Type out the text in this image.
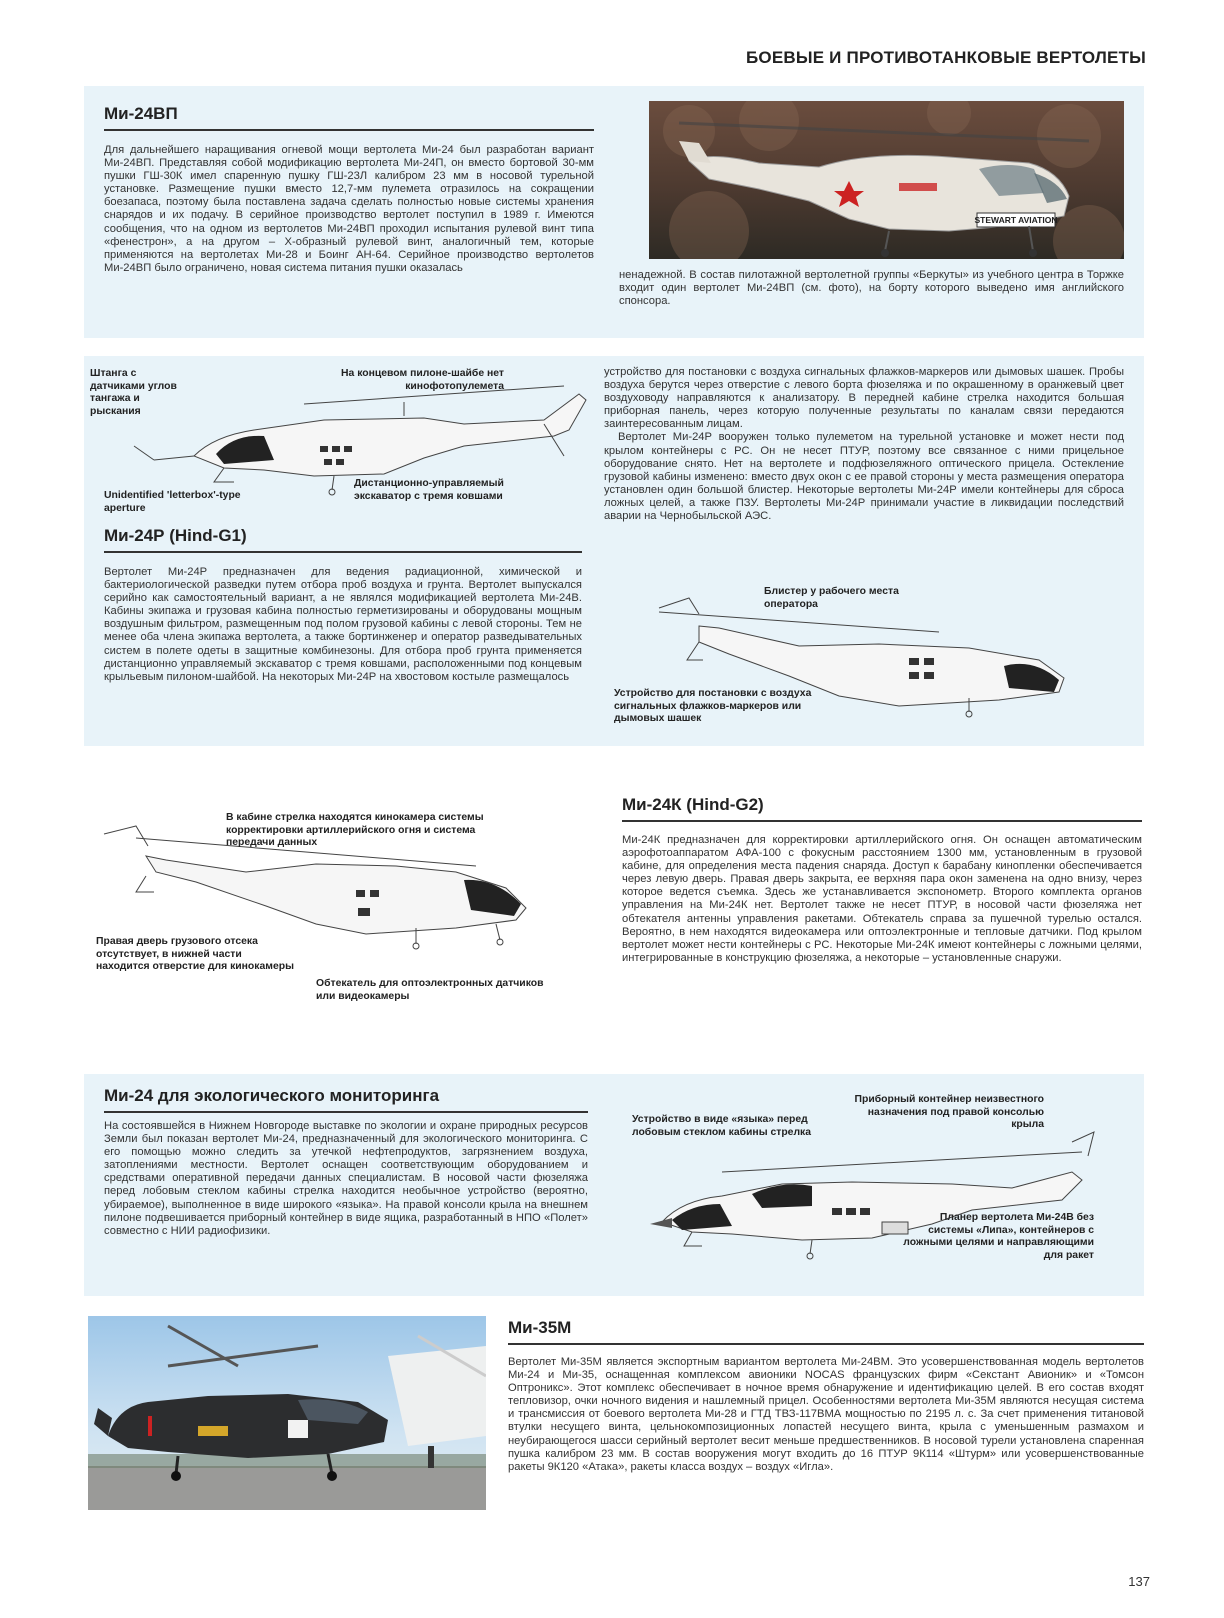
БОЕВЫЕ И ПРОТИВОТАНКОВЫЕ ВЕРТОЛЕТЫ
Ми-24ВП
Для дальнейшего наращивания огневой мощи вертолета Ми-24 был разработан вариант Ми-24ВП. Представляя собой модификацию вертолета Ми-24П, он вместо бортовой 30-мм пушки ГШ-30К имел спаренную пушку ГШ-23Л калибром 23 мм в носовой турельной установке. Размещение пушки вместо 12,7-мм пулемета отразилось на сокращении боезапаса, поэтому была поставлена задача сделать полностью новые системы хранения снарядов и их подачу. В серийное производство вертолет поступил в 1989 г. Имеются сообщения, что на одном из вертолетов Ми-24ВП проходил испытания рулевой винт типа «фенестрон», а на другом – Х-образный рулевой винт, аналогичный тем, которые применяются на вертолетах Ми-28 и Боинг АН-64. Серийное производство вертолетов Ми-24ВП было ограничено, новая система питания пушки оказалась
STEWART AVIATION
ненадежной. В состав пилотажной вертолетной группы «Беркуты» из учебного центра в Торжке входит один вертолет Ми-24ВП (см. фото), на борту которого выведено имя английского спонсора.
Штанга с датчиками углов тангажа и рыскания
На концевом пилоне-шайбе нет кинофотопулемета
Unidentified 'letterbox'-type aperture
Дистанционно-управляемый экскаватор с тремя ковшами
Ми-24Р (Hind-G1)
Вертолет Ми-24Р предназначен для ведения радиационной, химической и бактериологической разведки путем отбора проб воздуха и грунта. Вертолет выпускался серийно как самостоятельный вариант, а не являлся модификацией вертолета Ми-24В. Кабины экипажа и грузовая кабина полностью герметизированы и оборудованы мощным воздушным фильтром, размещенным под полом грузовой кабины с левой стороны. Тем не менее оба члена экипажа вертолета, а также бортинженер и оператор разведывательных систем в полете одеты в защитные комбинезоны. Для отбора проб грунта применяется дистанционно управляемый экскаватор с тремя ковшами, расположенными под концевым крыльевым пилоном-шайбой. На некоторых Ми-24Р на хвостовом костыле размещалось

устройство для постановки с воздуха сигнальных флажков-маркеров или дымовых шашек. Пробы воздуха берутся через отверстие с левого борта фюзеляжа и по окрашенному в оранжевый цвет воздуховоду направляются к анализатору. В передней кабине стрелка находится большая приборная панель, через которую полученные результаты по каналам связи передаются заинтересованным лицам.

Вертолет Ми-24Р вооружен только пулеметом на турельной установке и может нести под крылом контейнеры с РС. Он не несет ПТУР, поэтому все связанное с ними прицельное оборудование снято. Нет на вертолете и подфюзеляжного оптического прицела. Остекление грузовой кабины изменено: вместо двух окон с ее правой стороны у места размещения оператора установлен один большой блистер. Некоторые вертолеты Ми-24Р имели контейнеры для сброса ложных целей, а также ПЗУ. Вертолеты Ми-24Р принимали участие в ликвидации последствий аварии на Чернобыльской АЭС.

Блистер у рабочего места оператора
Устройство для постановки с воздуха сигнальных флажков-маркеров или дымовых шашек
В кабине стрелка находятся кинокамера системы корректировки артиллерийского огня и система передачи данных
Правая дверь грузового отсека отсутствует, в нижней части находится отверстие для кинокамеры
Обтекатель для оптоэлектронных датчиков или видеокамеры
Ми-24К (Hind-G2)
Ми-24К предназначен для корректировки артиллерийского огня. Он оснащен автоматическим аэрофотоаппаратом АФА-100 с фокусным расстоянием 1300 мм, установленным в грузовой кабине, для определения места падения снаряда. Доступ к барабану кинопленки обеспечивается через левую дверь. Правая дверь закрыта, ее верхняя пара окон заменена на одно внизу, через которое ведется съемка. Здесь же устанавливается экспонометр. Второго комплекта органов управления на Ми-24К нет. Вертолет также не несет ПТУР, в носовой части фюзеляжа нет обтекателя антенны управления ракетами. Обтекатель справа за пушечной турелью остался. Вероятно, в нем находятся видеокамера или оптоэлектронные и тепловые датчики. Под крылом вертолет может нести контейнеры с РС. Некоторые Ми-24К имеют контейнеры с ложными целями, интегрированные в конструкцию фюзеляжа, а некоторые – установленные снаружи.
Ми-24 для экологического мониторинга
На состоявшейся в Нижнем Новгороде выставке по экологии и охране природных ресурсов Земли был показан вертолет Ми-24, предназначенный для экологического мониторинга. С его помощью можно следить за утечкой нефтепродуктов, загрязнением воздуха, затоплениями местности. Вертолет оснащен соответствующим оборудованием и средствами оперативной передачи данных специалистам. В носовой части фюзеляжа перед лобовым стеклом кабины стрелка находится необычное устройство (вероятно, убираемое), выполненное в виде широкого «языка». На правой консоли крыла на внешнем пилоне подвешивается приборный контейнер в виде ящика, разработанный в НПО «Полет» совместно с НИИ радиофизики.
Устройство в виде «языка» перед лобовым стеклом кабины стрелка
Приборный контейнер неизвестного назначения под правой консолью крыла
Планер вертолета Ми-24В без системы «Липа», контейнеров с ложными целями и направляющими для ракет
Ми-35М
Вертолет Ми-35М является экспортным вариантом вертолета Ми-24ВМ. Это усовершенствованная модель вертолетов Ми-24 и Ми-35, оснащенная комплексом авионики NOCAS французских фирм «Секстант Авионик» и «Томсон Оптроникс». Этот комплекс обеспечивает в ночное время обнаружение и идентификацию целей. В его состав входят тепловизор, очки ночного видения и нашлемный прицел. Особенностями вертолета Ми-35М являются несущая система и трансмиссия от боевого вертолета Ми-28 и ГТД ТВЗ-117ВМА мощностью по 2195 л. с. За счет применения титановой втулки несущего винта, цельнокомпозиционных лопастей несущего винта, крыла с уменьшенным размахом и неубирающегося шасси серийный вертолет весит меньше предшественников. В носовой турели установлена спаренная пушка калибром 23 мм. В состав вооружения могут входить до 16 ПТУР 9К114 «Штурм» или усовершенствованные ракеты 9К120 «Атака», ракеты класса воздух – воздух «Игла».
137
